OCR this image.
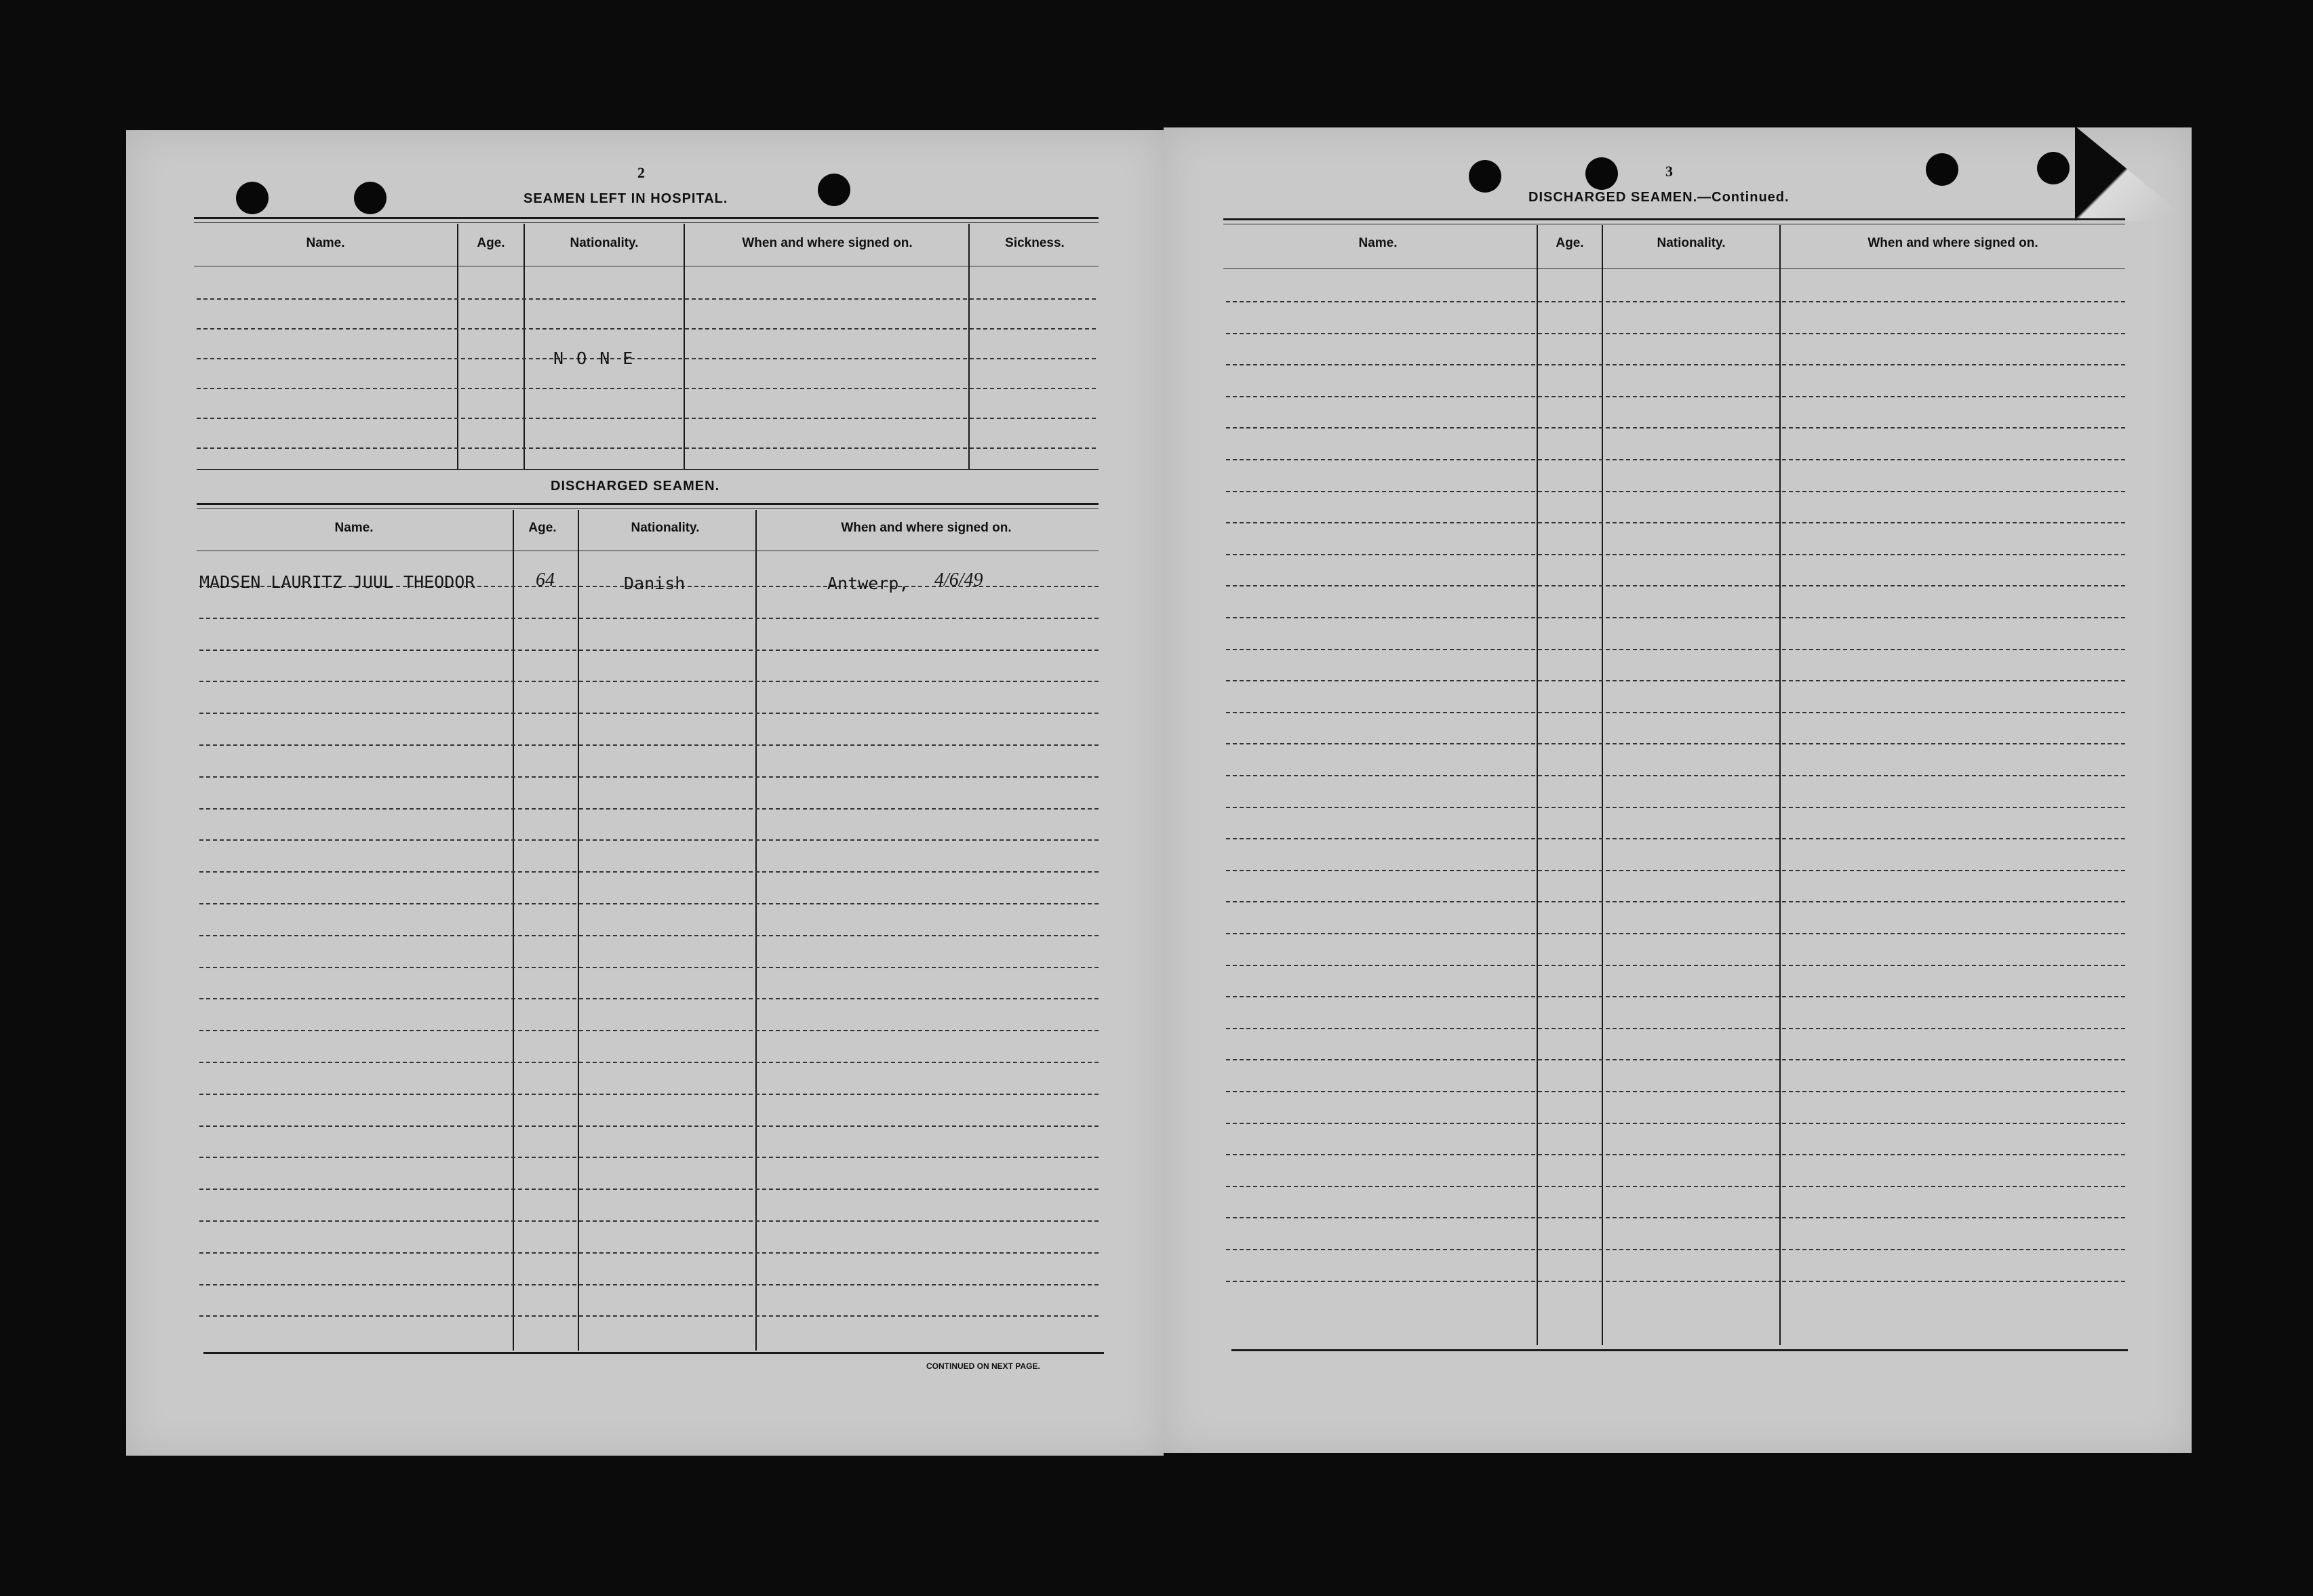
2
SEAMEN LEFT IN HOSPITAL.
Name.	Age.	Nationality.	When and where signed on.	Sickness.
N O N E
DISCHARGED SEAMEN.
Name.	Age.	Nationality.	When and where signed on.
MADSEN LAURITZ JUUL THEODOR	64	Danish	Antwerp, 4/6/49
CONTINUED ON NEXT PAGE.
3
DISCHARGED SEAMEN.—Continued.
Name.	Age.	Nationality.	When and where signed on.
